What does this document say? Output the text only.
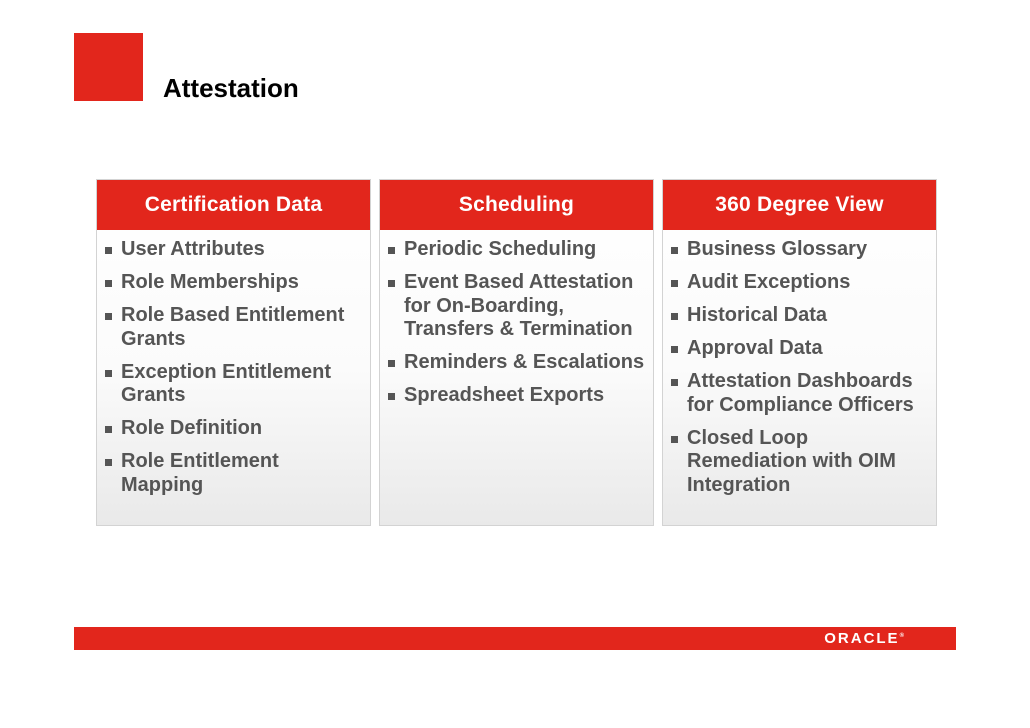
Attestation
Certification Data
User Attributes
Role Memberships
Role Based Entitlement Grants
Exception Entitlement Grants
Role Definition
Role Entitlement Mapping
Scheduling
Periodic Scheduling
Event Based Attestation for On-Boarding, Transfers & Termination
Reminders & Escalations
Spreadsheet Exports
360 Degree View
Business Glossary
Audit Exceptions
Historical Data
Approval Data
Attestation Dashboards for Compliance Officers
Closed Loop Remediation with OIM Integration
ORACLE®
